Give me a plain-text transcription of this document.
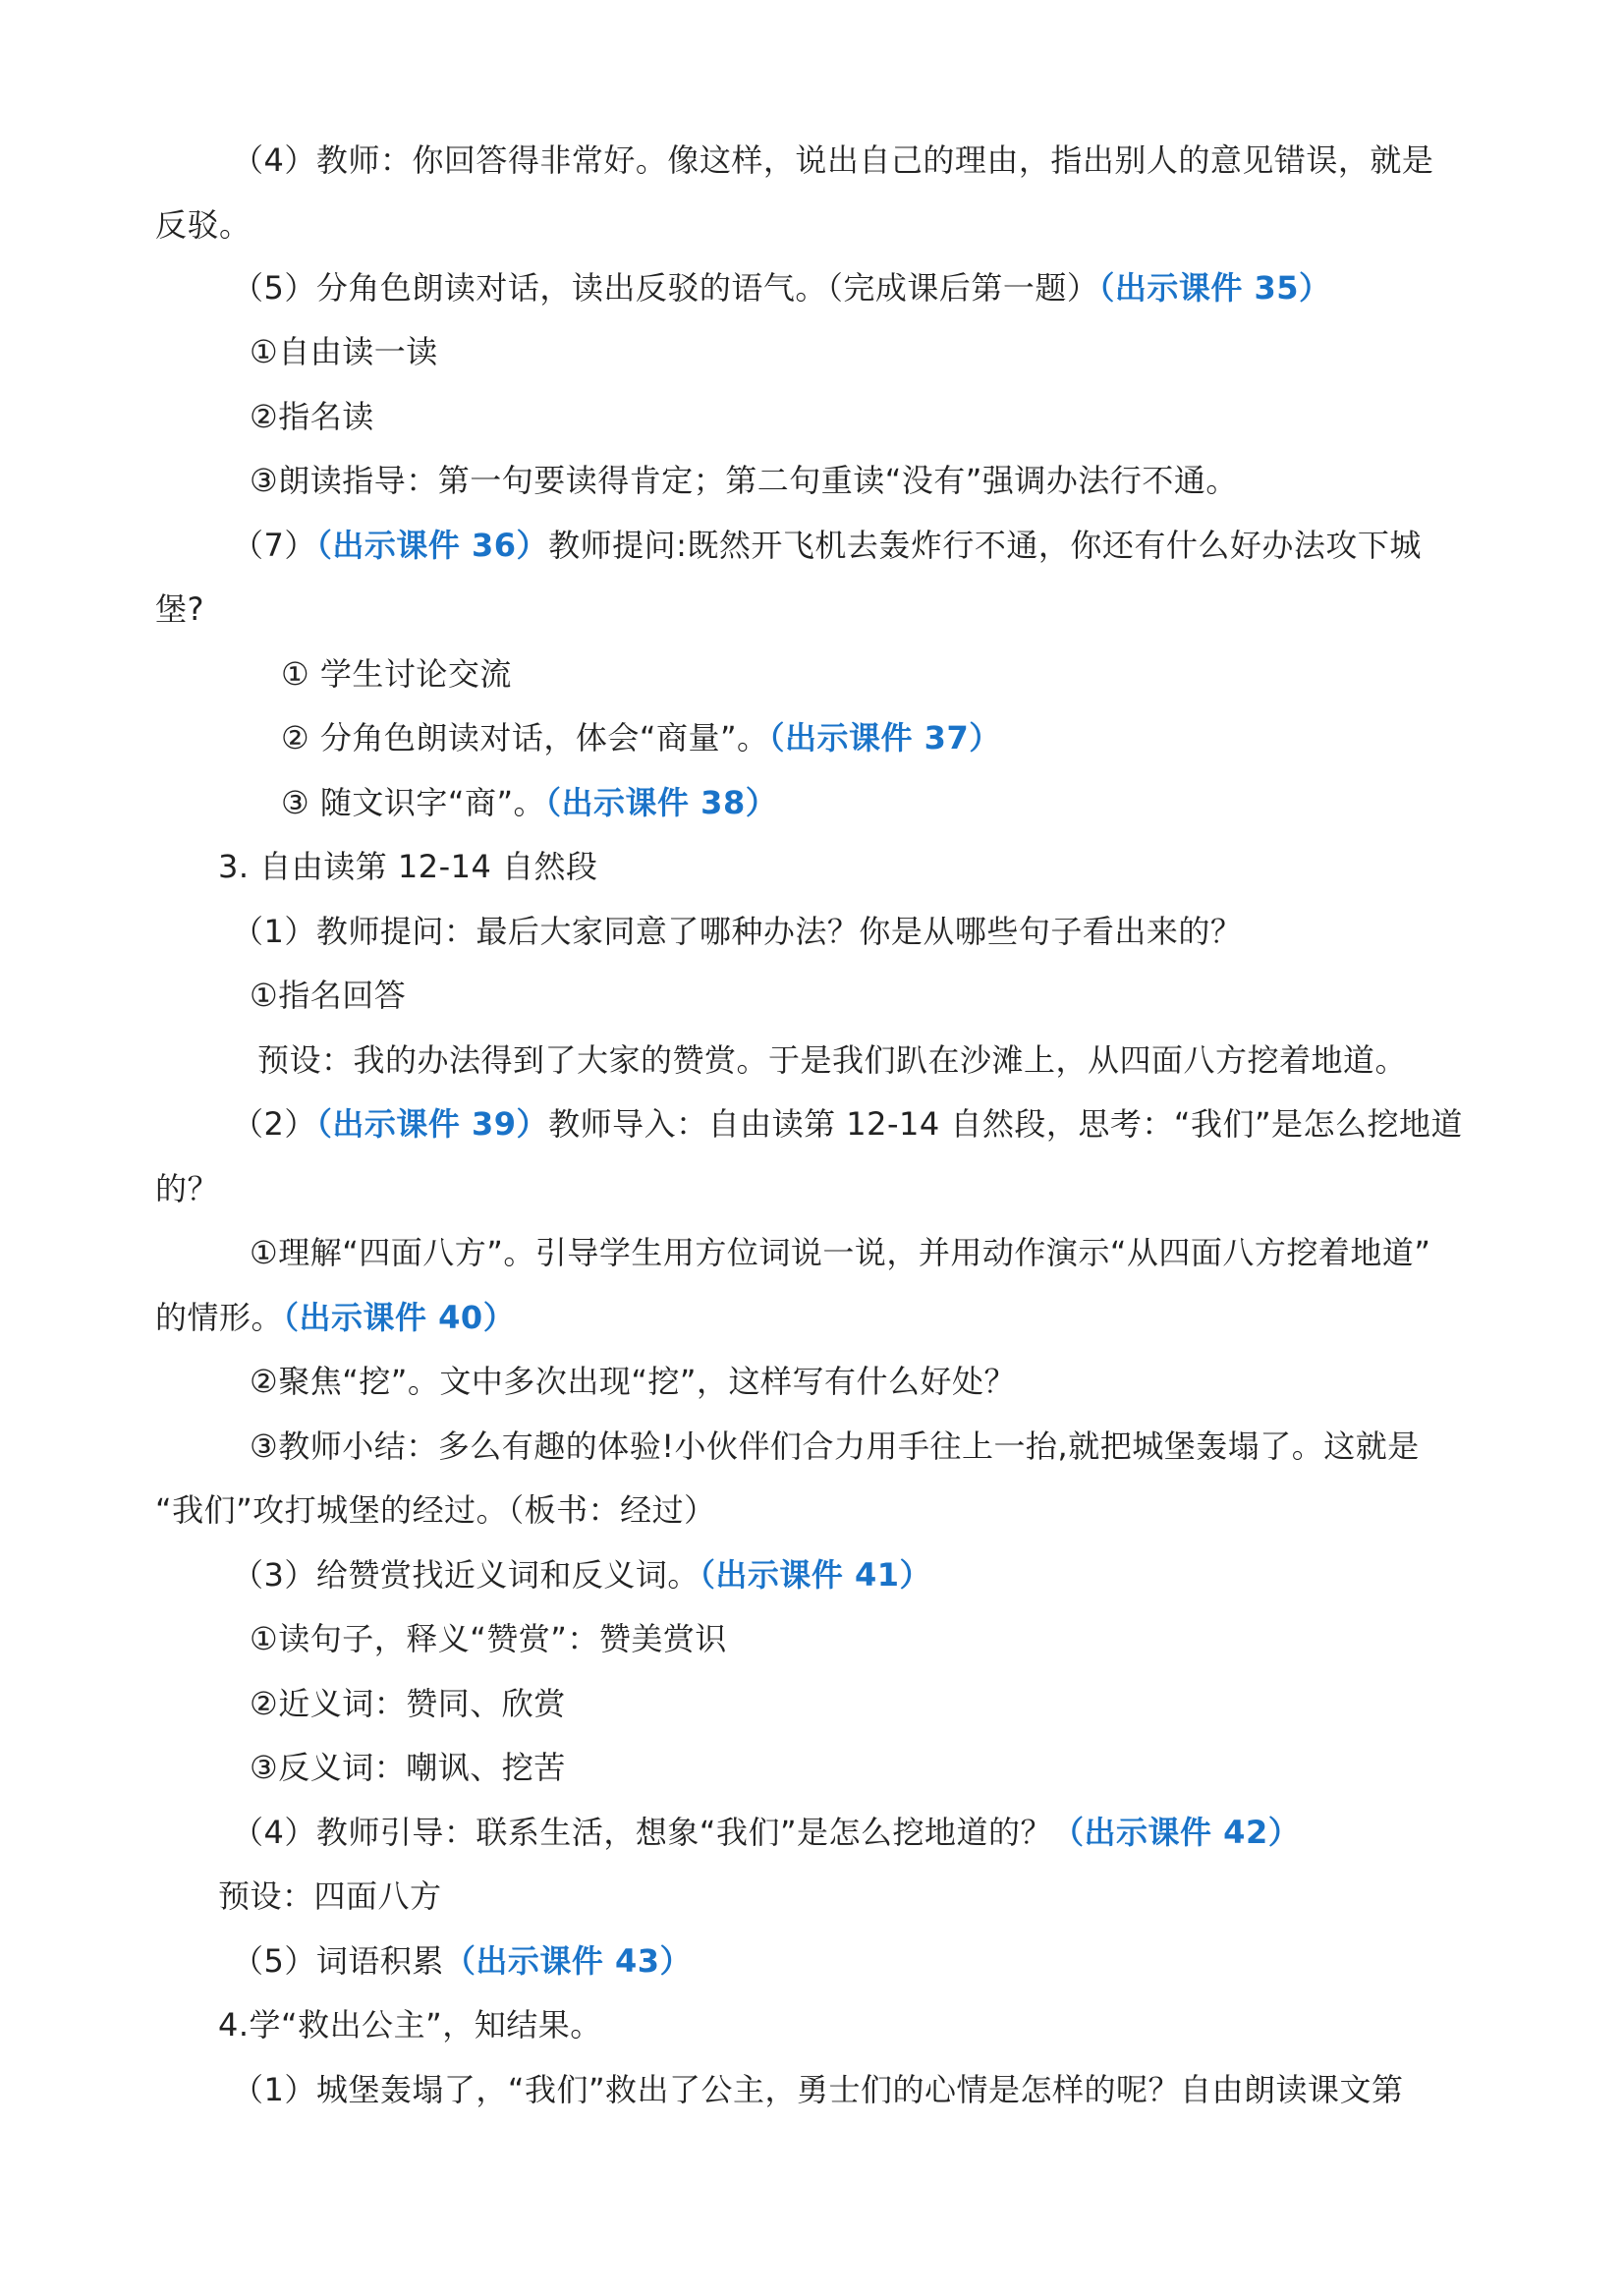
（4）教师：你回答得非常好。像这样，说出自己的理由，指出别人的意见错误，就是
反驳。
（5）分角色朗读对话，读出反驳的语气。（完成课后第一题）（出示课件 35）
①自由读一读
②指名读
③朗读指导：第一句要读得肯定；第二句重读“没有”强调办法行不通。
（7）（出示课件 36）教师提问:既然开飞机去轰炸行不通，你还有什么好办法攻下城
堡?
① 学生讨论交流
② 分角色朗读对话，体会“商量”。（出示课件 37）
③ 随文识字“商”。（出示课件 38）
3. 自由读第 12-14 自然段
（1）教师提问：最后大家同意了哪种办法？你是从哪些句子看出来的？
①指名回答
预设：我的办法得到了大家的赞赏。于是我们趴在沙滩上，从四面八方挖着地道。
（2）（出示课件 39）教师导入：自由读第 12-14 自然段，思考：“我们”是怎么挖地道
的？
①理解“四面八方”。引导学生用方位词说一说，并用动作演示“从四面八方挖着地道”
的情形。（出示课件 40）
②聚焦“挖”。文中多次出现“挖”，这样写有什么好处？
③教师小结：多么有趣的体验!小伙伴们合力用手往上一抬,就把城堡轰塌了。这就是
“我们”攻打城堡的经过。（板书：经过）
（3）给赞赏找近义词和反义词。（出示课件 41）
①读句子，释义“赞赏”：赞美赏识
②近义词：赞同、欣赏
③反义词：嘲讽、挖苦
（4）教师引导：联系生活，想象“我们”是怎么挖地道的？（出示课件 42）
预设：四面八方
（5）词语积累（出示课件 43）
4.学“救出公主”，知结果。
（1）城堡轰塌了，“我们”救出了公主，勇士们的心情是怎样的呢？自由朗读课文第
